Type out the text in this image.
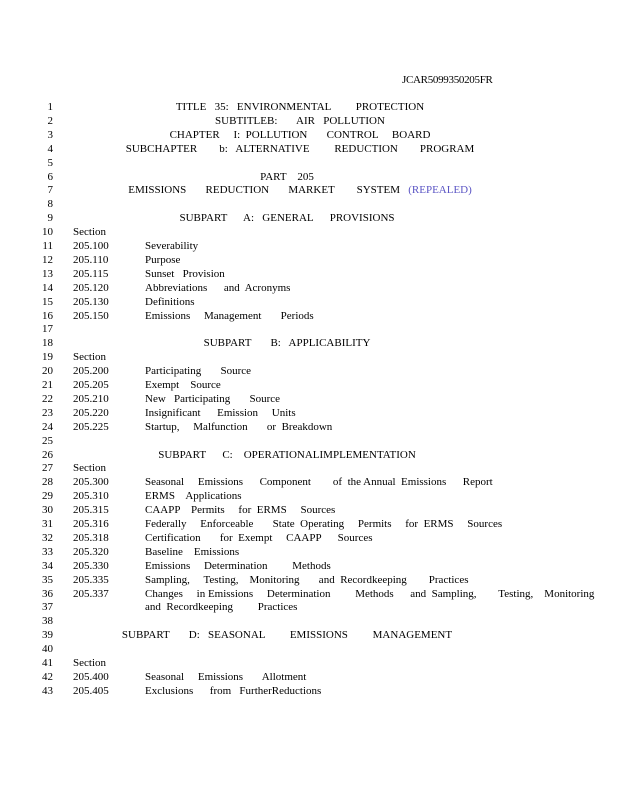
JCAR5099350205FR
1	TITLE   35:   ENVIRONMENTAL         PROTECTION
2	SUBTITLEB:       AIR   POLLUTION
3	CHAPTER     I:  POLLUTION       CONTROL     BOARD
4	SUBCHAPTER        b:   ALTERNATIVE         REDUCTION        PROGRAM
5
6	PART    205
7	EMISSIONS       REDUCTION       MARKET        SYSTEM   (REPEALED)
8
9	SUBPART      A:   GENERAL      PROVISIONS
10 Section
11 205.100	Severability
12 205.110	Purpose
13 205.115	Sunset   Provision
14 205.120	Abbreviations      and  Acronyms
15 205.130	Definitions
16 205.150	Emissions     Management       Periods
17
18	SUBPART       B:   APPLICABILITY
19 Section
20 205.200	Participating       Source
21 205.205	Exempt    Source
22 205.210	New   Participating       Source
23 205.220	Insignificant      Emission     Units
24 205.225	Startup,     Malfunction       or  Breakdown
25
26	SUBPART      C:    OPERATIONALIMPLEMENTATION
27 Section
28 205.300	Seasonal     Emissions      Component        of  the Annual  Emissions      Report
29 205.310	ERMS    Applications
30 205.315	CAAPP    Permits     for  ERMS     Sources
31 205.316	Federally     Enforceable       State  Operating     Permits     for  ERMS     Sources
32 205.318	Certification       for  Exempt     CAAPP      Sources
33 205.320	Baseline    Emissions
34 205.330	Emissions     Determination         Methods
35 205.335	Sampling,     Testing,    Monitoring       and  Recordkeeping        Practices
36 205.337	Changes     in Emissions     Determination         Methods      and  Sampling,        Testing,    Monitoring
37	and  Recordkeeping         Practices
38
39	SUBPART       D:   SEASONAL         EMISSIONS         MANAGEMENT
40
41 Section
42 205.400	Seasonal     Emissions       Allotment
43 205.405	Exclusions      from   FurtherReductions
